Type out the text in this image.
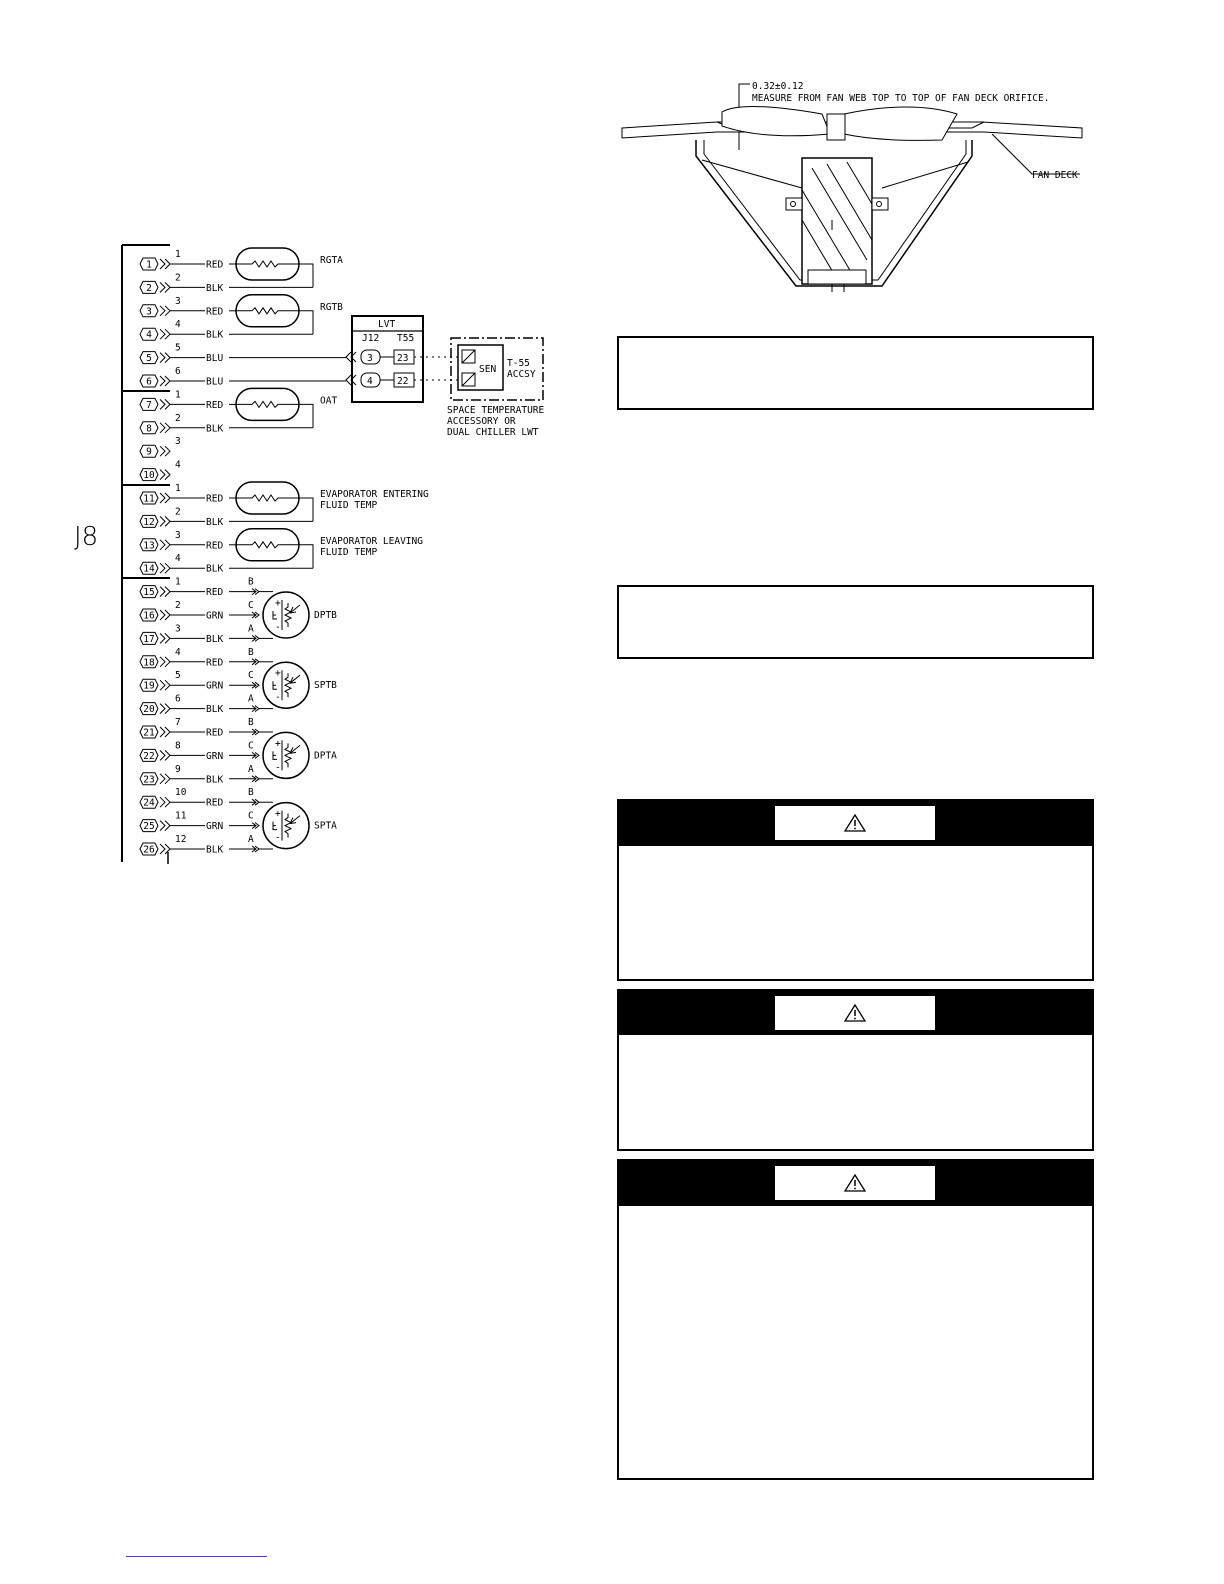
J8
1
1
RED
2
2
BLK
3
3
RED
4
4
BLK
5
5
BLU
6
6
BLU
7
1
RED
8
2
BLK
9
3
10
4
11
1
RED
12
2
BLK
13
3
RED
14
4
BLK
15
1
RED
B
16
2
GRN
C
17
3
BLK
A
18
4
RED
B
19
5
GRN
C
20
6
BLK
A
21
7
RED
B
22
8
GRN
C
23
9
BLK
A
24
10
RED
B
25
11
GRN
C
26
12
BLK
A
RGTA
RGTB
OAT
EVAPORATOR ENTERING
FLUID TEMP
EVAPORATOR LEAVING
FLUID TEMP
+
-
DPTB
+
-
SPTB
+
-
DPTA
+
-
SPTA
LVT
J12 T55
3
4
23
22
SEN
T-55
ACCSY
SPACE TEMPERATURE
ACCESSORY OR
DUAL CHILLER LWT
0.32±0.12
MEASURE FROM FAN WEB TOP TO TOP OF FAN DECK ORIFICE.
FAN DECK
